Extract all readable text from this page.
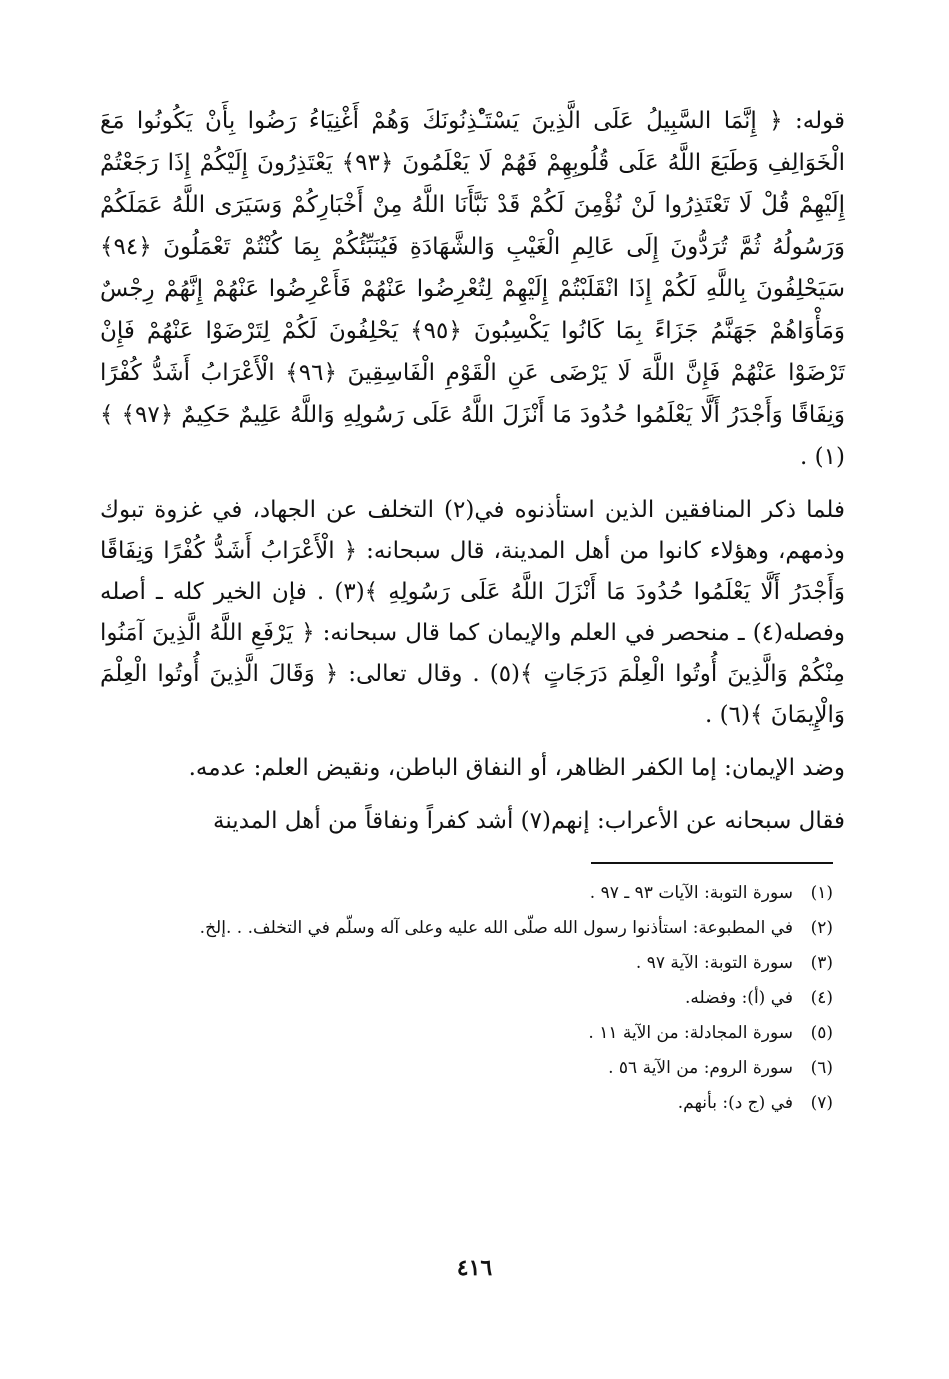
قوله: ﴿ إِنَّمَا السَّبِيلُ عَلَى الَّذِينَ يَسْتَـْٔذِنُونَكَ وَهُمْ أَغْنِيَاءُ رَضُوا بِأَنْ يَكُونُوا مَعَ الْخَوَالِفِ وَطَبَعَ اللَّهُ عَلَى قُلُوبِهِمْ فَهُمْ لَا يَعْلَمُونَ ﴿٩٣﴾ يَعْتَذِرُونَ إِلَيْكُمْ إِذَا رَجَعْتُمْ إِلَيْهِمْ قُلْ لَا تَعْتَذِرُوا لَنْ نُؤْمِنَ لَكُمْ قَدْ نَبَّأَنَا اللَّهُ مِنْ أَخْبَارِكُمْ وَسَيَرَى اللَّهُ عَمَلَكُمْ وَرَسُولُهُ ثُمَّ تُرَدُّونَ إِلَى عَالِمِ الْغَيْبِ وَالشَّهَادَةِ فَيُنَبِّئُكُمْ بِمَا كُنْتُمْ تَعْمَلُونَ ﴿٩٤﴾ سَيَحْلِفُونَ بِاللَّهِ لَكُمْ إِذَا انْقَلَبْتُمْ إِلَيْهِمْ لِتُعْرِضُوا عَنْهُمْ فَأَعْرِضُوا عَنْهُمْ إِنَّهُمْ رِجْسٌ وَمَأْوَاهُمْ جَهَنَّمُ جَزَاءً بِمَا كَانُوا يَكْسِبُونَ ﴿٩٥﴾ يَحْلِفُونَ لَكُمْ لِتَرْضَوْا عَنْهُمْ فَإِنْ تَرْضَوْا عَنْهُمْ فَإِنَّ اللَّهَ لَا يَرْضَى عَنِ الْقَوْمِ الْفَاسِقِينَ ﴿٩٦﴾ الْأَعْرَابُ أَشَدُّ كُفْرًا وَنِفَاقًا وَأَجْدَرُ أَلَّا يَعْلَمُوا حُدُودَ مَا أَنْزَلَ اللَّهُ عَلَى رَسُولِهِ وَاللَّهُ عَلِيمٌ حَكِيمٌ ﴿٩٧﴾ ﴾(١) .

فلما ذكر المنافقين الذين استأذنوه في(٢) التخلف عن الجهاد، في غزوة تبوك وذمهم، وهؤلاء كانوا من أهل المدينة، قال سبحانه: ﴿ الْأَعْرَابُ أَشَدُّ كُفْرًا وَنِفَاقًا وَأَجْدَرُ أَلَّا يَعْلَمُوا حُدُودَ مَا أَنْزَلَ اللَّهُ عَلَى رَسُولِهِ ﴾(٣) . فإن الخير كله ـ أصله وفصله(٤) ـ منحصر في العلم والإيمان كما قال سبحانه: ﴿ يَرْفَعِ اللَّهُ الَّذِينَ آمَنُوا مِنْكُمْ وَالَّذِينَ أُوتُوا الْعِلْمَ دَرَجَاتٍ ﴾(٥) . وقال تعالى: ﴿ وَقَالَ الَّذِينَ أُوتُوا الْعِلْمَ وَالْإِيمَانَ ﴾(٦) .

وضد الإيمان: إما الكفر الظاهر، أو النفاق الباطن، ونقيض العلم: عدمه.

فقال سبحانه عن الأعراب: إنهم(٧) أشد كفراً ونفاقاً من أهل المدينة

(١)
سورة التوبة: الآيات ٩٣ ـ ٩٧ .
(٢)
في المطبوعة: استأذنوا رسول الله صلّى الله عليه وعلى آله وسلّم في التخلف. . .إلخ.
(٣)
سورة التوبة: الآية ٩٧ .
(٤)
في (أ): وفضله.
(٥)
سورة المجادلة: من الآية ١١ .
(٦)
سورة الروم: من الآية ٥٦ .
(٧)
في (ج د): بأنهم.
٤١٦
